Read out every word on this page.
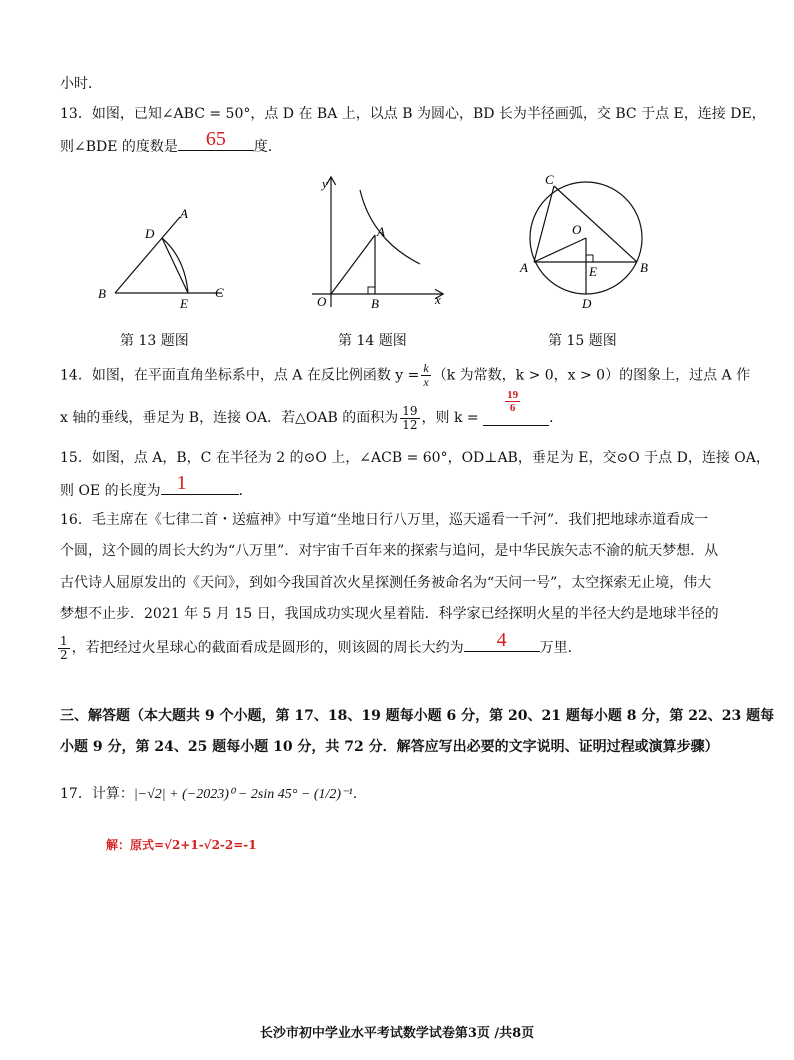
小时．
13．如图，已知∠ABC = 50°，点 D 在 BA 上，以点 B 为圆心，BD 长为半径画弧，交 BC 于点 E，连接 DE，
则∠BDE 的度数是	65	度．
A
D
B
E
C
y
x
O
A
B
C
O
A	B
E
D
第 13 题图	第 14 题图	第 15 题图
14．如图，在平面直角坐标系中，点 A 在反比例函数 $y = \frac{k}{x} (k$ 为常数，k > 0，x > 0）的图象上，过点 A 作
x 轴的垂线，垂足为 B，连接 OA．若△OAB 的面积为 $\frac{19}{12}$ ，则 k =
$\frac{19}{6}$
．
15．如图，点 A，B，C 在半径为 2 的⊙O 上，∠ACB = 60°，OD⊥AB，垂足为 E，交⊙O 于点 D，连接 OA，
则 OE 的长度为 1	．
16．毛主席在《七律二首・送瘟神》中写道“坐地日行八万里，巡天遥看一千河”．我们把地球赤道看成一
个圆，这个圆的周长大约为“八万里”．对宇宙千百年来的探索与追问，是中华民族矢志不渝的航天梦想．从
古代诗人屈原发出的《天问》，到如今我国首次火星探测任务被命名为“天问一号”，太空探索无止境，伟大
梦想不止步．2021 年 5 月 15 日，我国成功实现火星着陆．科学家已经探明火星的半径大约是地球半径的
$\frac{1}{2}$ ，若把经过火星球心的截面看成是圆形的，则该圆的周长大约为	4	万里．
三、解答题（本大题共 9 个小题，第 17、18、19 题每小题 6 分，第 20、21 题每小题 8 分，第 22、23 题每
小题 9 分，第 24、25 题每小题 10 分，共 72 分．解答应写出必要的文字说明、证明过程或演算步骤）
17．计算：|−√2| + (−2023)⁰ − 2sin 45° − (1/2)⁻¹．
解：原式=√2+1-√2-2=-1
长沙市初中学业水平考试数学试卷第3页 /共8页
